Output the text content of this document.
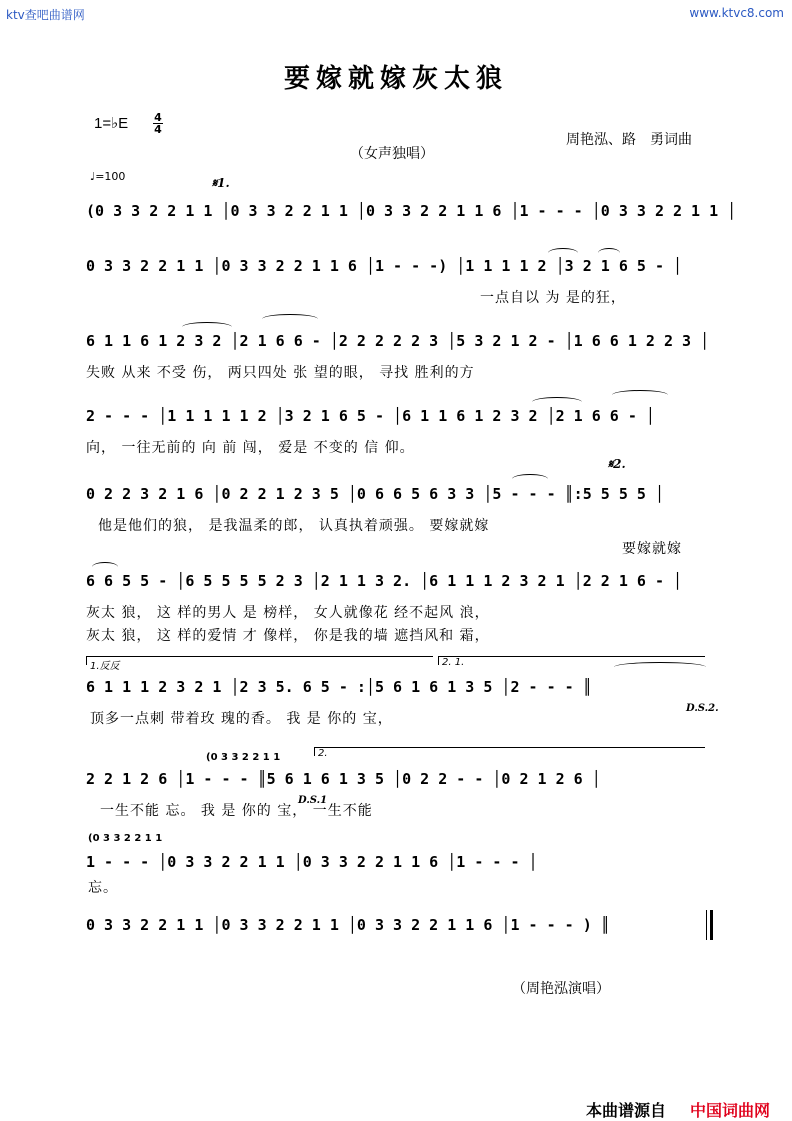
ktv查吧曲谱网	www.ktvc8.com
要嫁就嫁灰太狼
1=♭E 4
4
（女声独唱）
周艳泓、路　勇词曲
♩=100	𝄋1.
𝄋2.
D.S.2.
D.S.1
1.反反	2. 1.
2.
(0 3 3 2 2 1 1 │0 3 3 2 2 1 1 │0 3 3 2 2 1 1 6 │1 - - - │0 3 3 2 2 1 1 │
0 3 3 2 2 1 1 │0 3 3 2 2 1 1 6 │1 - - -) │1 1 1 1 2 │3 2 1 6 5 - │
一点自以 为 是的狂，
6 1 1 6 1 2 3 2 │2 1 6 6 - │2 2 2 2 2 3 │5 3 2 1 2 - │1 6 6 1 2 2 3 │
失败 从来 不受 伤， 两只四处 张 望的眼， 寻找 胜利的方
2 - - - │1 1 1 1 1 2 │3 2 1 6 5 - │6 1 1 6 1 2 3 2 │2 1 6 6 - │
向， 一往无前的 向 前 闯， 爱是 不变的 信 仰。
0 2 2 3 2 1 6 │0 2 2 1 2 3 5 │0 6 6 5 6 3 3 │5 - - - ║:5 5 5 5 │
他是他们的狼， 是我温柔的郎， 认真执着顽强。 要嫁就嫁
要嫁就嫁
6 6 5 5 - │6 5 5 5 5 2 3 │2 1 1 3 2. │6 1 1 1 2 3 2 1 │2 2 1 6 - │
灰太 狼， 这 样的男人 是 榜样， 女人就像花 经不起风 浪，
灰太 狼， 这 样的爱情 才 像样， 你是我的墙 遮挡风和 霜，
6 1 1 1 2 3 2 1 │2 3 5. 6 5 - :│5 6 1 6 1 3 5 │2 - - - ║
顶多一点刺 带着玫 瑰的香。 我 是 你的 宝，
(0 3 3 2 2 1 1
2 2 1 2 6 │1 - - - ║5 6 1 6 1 3 5 │0 2 2 - - │0 2 1 2 6 │
一生不能 忘。 我 是 你的 宝， 一生不能
(0 3 3 2 2 1 1
1 - - - │0 3 3 2 2 1 1 │0 3 3 2 2 1 1 6 │1 - - - │
忘。
0 3 3 2 2 1 1 │0 3 3 2 2 1 1 │0 3 3 2 2 1 1 6 │1 - - - ) ║
（周艳泓演唱）
本曲谱源自 中国词曲网
